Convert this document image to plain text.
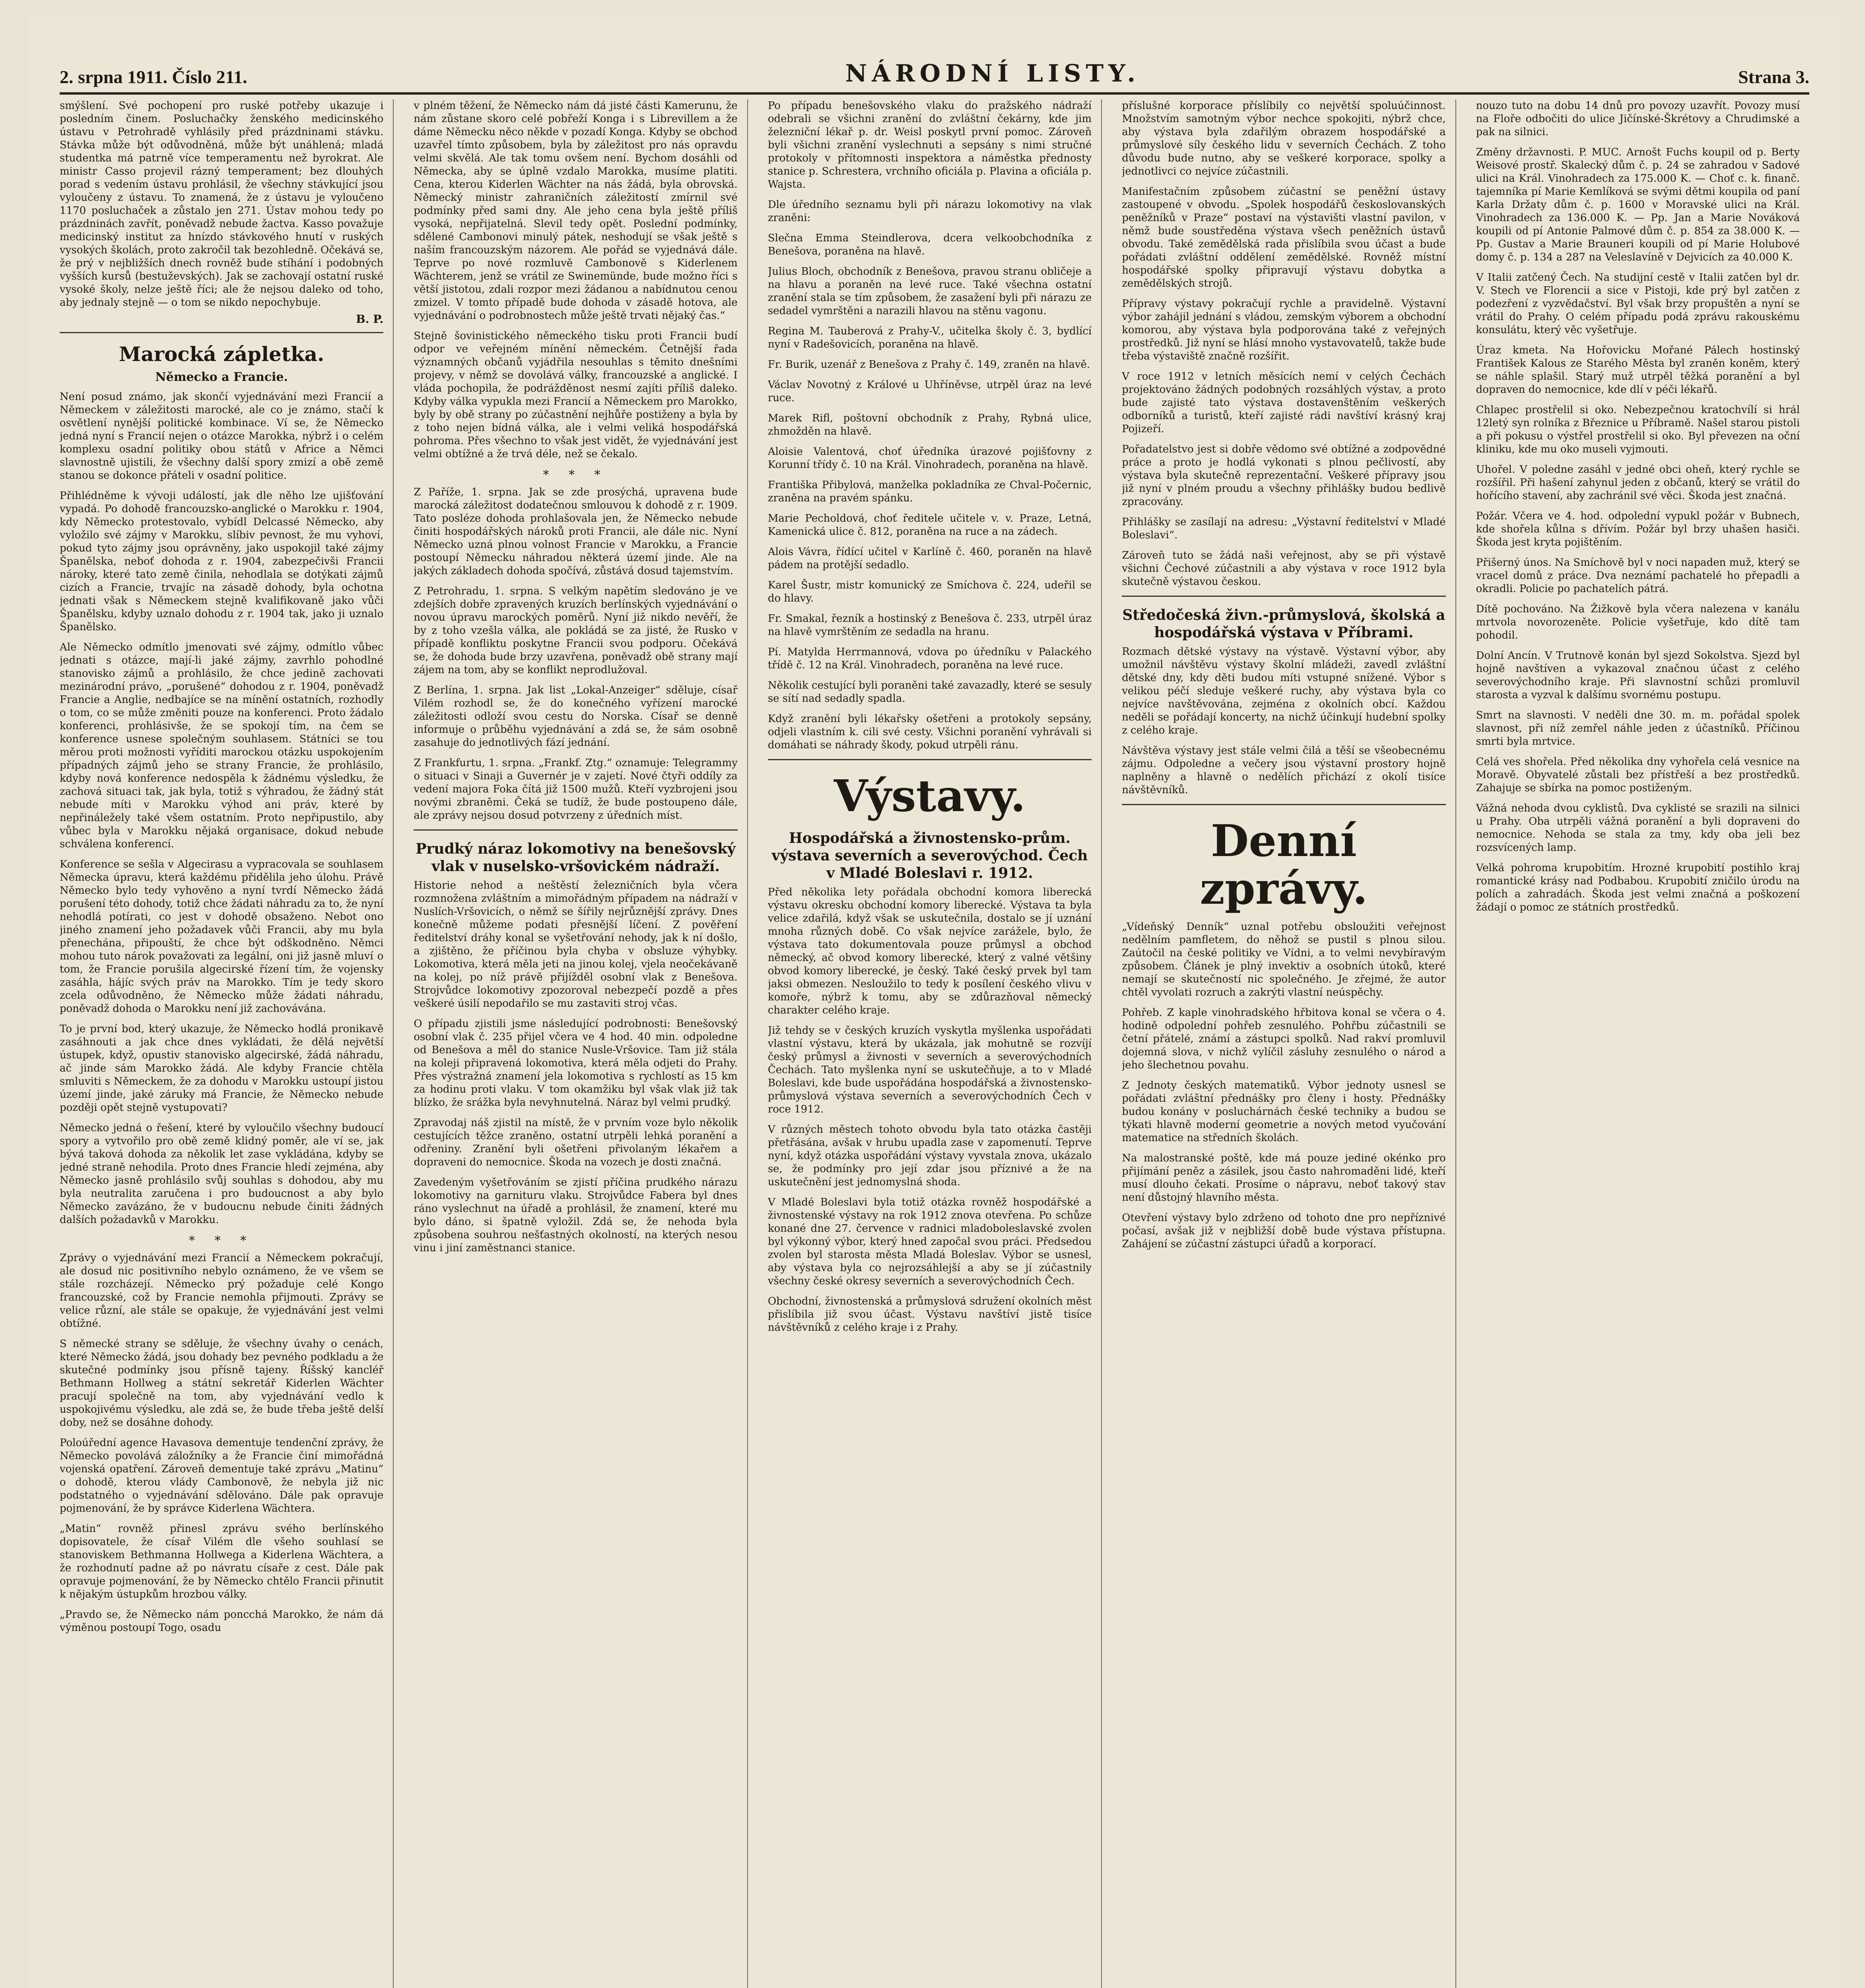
2. srpna 1911. Číslo 211.	NÁRODNÍ LISTY.	Strana 3.

smýšlení. Své pochopení pro ruské potřeby ukazuje i posledním činem. Posluchačky ženského medicinského ústavu v Petrohradě vyhlásily před prázdninami stávku. Stávka může být odůvodněná, může být unáhlená; mladá studentka má patrně více temperamentu než byrokrat. Ale ministr Casso projevil rázný temperament; bez dlouhých porad s vedením ústavu prohlásil, že všechny stávkující jsou vyloučeny z ústavu. To znamená, že z ústavu je vyloučeno 1170 posluchaček a zůstalo jen 271. Ústav mohou tedy po prázdninách zavřít, poněvadž nebude žactva. Kasso považuje medicinský institut za hnízdo stávkového hnutí v ruských vysokých školách, proto zakročil tak bezohledně. Očekává se, že prý v nejbližších dnech rovněž bude stíhání i podobných vyšších kursů (bestuževských). Jak se zachovají ostatní ruské vysoké školy, nelze ještě říci; ale že nejsou daleko od toho, aby jednaly stejně — o tom se nikdo nepochybuje.

B. P.
Marocká zápletka.
Německo a Francie.

Není posud známo, jak skončí vyjednávání mezi Francií a Německem v záležitosti marocké, ale co je známo, stačí k osvětlení nynější politické kombinace. Ví se, že Německo jedná nyní s Francií nejen o otázce Marokka, nýbrž i o celém komplexu osadní politiky obou států v Africe a Němci slavnostně ujistili, že všechny další spory zmizí a obě země stanou se dokonce přáteli v osadní politice.

Přihlédněme k vývoji událostí, jak dle něho lze ujišťování vypadá. Po dohodě francouzsko-anglické o Marokku r. 1904, kdy Německo protestovalo, vybídl Delcassé Německo, aby vyložilo své zájmy v Marokku, slíbiv pevnost, že mu vyhoví, pokud tyto zájmy jsou oprávněny, jako uspokojil také zájmy Španělska, neboť dohoda z r. 1904, zabezpečivši Francii nároky, které tato země činila, nehodlala se dotýkati zájmů cizích a Francie, trvajíc na zásadě dohody, byla ochotna jednati však s Německem stejně kvalifikovaně jako vůči Španělsku, kdyby uznalo dohodu z r. 1904 tak, jako ji uznalo Španělsko.

Ale Německo odmítlo jmenovati své zájmy, odmítlo vůbec jednati s otázce, mají-li jaké zájmy, zavrhlo pohodlné stanovisko zájmů a prohlásilo, že chce jedině zachovati mezinárodní právo, „porušené“ dohodou z r. 1904, poněvadž Francie a Anglie, nedbajíce se na mínění ostatních, rozhodly o tom, co se může změniti pouze na konferenci. Proto žádalo konferenci, prohlásivše, že se spokojí tím, na čem se konference usnese společným souhlasem. Státníci se tou měrou proti možnosti vyříditi marockou otázku uspokojením případných zájmů jeho se strany Francie, že prohlásilo, kdyby nová konference nedospěla k žádnému výsledku, že zachová situaci tak, jak byla, totiž s výhradou, že žádný stát nebude míti v Marokku výhod ani práv, které by nepřináležely také všem ostatním. Proto nepřipustilo, aby vůbec byla v Marokku nějaká organisace, dokud nebude schválena konferencí.

Konference se sešla v Algecirasu a vypracovala se souhlasem Německa úpravu, která každému přidělila jeho úlohu. Právě Německo bylo tedy vyhověno a nyní tvrdí Německo žádá porušení této dohody, totiž chce žádati náhradu za to, že nyní nehodlá potírati, co jest v dohodě obsaženo. Nebot ono jiného znamení jeho požadavek vůči Francii, aby mu byla přenechána, připouští, že chce být odškodněno. Němci mohou tuto nárok považovati za legální, oni již jasně mluví o tom, že Francie porušila algecirské řízení tím, že vojensky zasáhla, hájíc svých práv na Marokko. Tím je tedy skoro zcela odůvodněno, že Německo může žádati náhradu, poněvadž dohoda o Marokku není již zachovávána.

To je první bod, který ukazuje, že Německo hodlá pronikavě zasáhnouti a jak chce dnes vykládati, že dělá největší ústupek, když, opustiv stanovisko algecirské, žádá náhradu, ač jinde sám Marokko žádá. Ale kdyby Francie chtěla smluviti s Německem, že za dohodu v Marokku ustoupí jistou území jinde, jaké záruky má Francie, že Německo nebude později opět stejně vystupovati?

Německo jedná o řešení, které by vyloučilo všechny budoucí spory a vytvořilo pro obě země klidný poměr, ale ví se, jak bývá taková dohoda za několik let zase vykládána, kdyby se jedné straně nehodila. Proto dnes Francie hledí zejména, aby Německo jasně prohlásilo svůj souhlas s dohodou, aby mu byla neutralita zaručena i pro budoucnost a aby bylo Německo zavázáno, že v budoucnu nebude činiti žádných dalších požadavků v Marokku.

* * *

Zprávy o vyjednávání mezi Francií a Německem pokračují, ale dosud nic positivního nebylo oznámeno, že ve všem se stále rozcházejí. Německo prý požaduje celé Kongo francouzské, což by Francie nemohla přijmouti. Zprávy se velice různí, ale stále se opakuje, že vyjednávání jest velmi obtížné.

S německé strany se sděluje, že všechny úvahy o cenách, které Německo žádá, jsou dohady bez pevného podkladu a že skutečné podmínky jsou přísně tajeny. Říšský kancléř Bethmann Hollweg a státní sekretář Kiderlen Wächter pracují společně na tom, aby vyjednávání vedlo k uspokojivému výsledku, ale zdá se, že bude třeba ještě delší doby, než se dosáhne dohody.

Poloúřední agence Havasova dementuje tendenční zprávy, že Německo povolává záložníky a že Francie činí mimořádná vojenská opatření. Zároveň dementuje také zprávu „Matinu“ o dohodě, kterou vlády Cambonově, že nebyla již nic podstatného o vyjednávání sdělováno. Dále pak opravuje pojmenování, že by správce Kiderlena Wächtera.

„Matin“ rovněž přinesl zprávu svého berlínského dopisovatele, že císař Vilém dle všeho souhlasí se stanoviskem Bethmanna Hollwega a Kiderlena Wächtera, a že rozhodnutí padne až po návratu císaře z cest. Dále pak opravuje pojmenování, že by Německo chtělo Francii přinutit k nějakým ústupkům hrozbou války.

„Pravdo se, že Německo nám poncchá Marokko, že nám dá výměnou postoupí Togo, osadu

v plném těžení, že Německo nám dá jisté části Kamerunu, že nám zůstane skoro celé pobřeží Konga i s Librevillem a že dáme Německu něco někde v pozadí Konga. Kdyby se obchod uzavřel tímto způsobem, byla by záležitost pro nás opravdu velmi skvělá. Ale tak tomu ovšem není. Bychom dosáhli od Německa, aby se úplně vzdalo Marokka, musíme platiti. Cena, kterou Kiderlen Wächter na nás žádá, byla obrovská. Německý ministr zahraničních záležitostí zmírnil své podmínky před sami dny. Ale jeho cena byla ještě příliš vysoká, nepřijatelná. Slevil tedy opět. Poslední podmínky, sdělené Cambonovi minulý pátek, neshodují se však ještě s naším francouzským názorem. Ale pořád se vyjednává dále. Teprve po nové rozmluvě Cambonově s Kiderlenem Wächterem, jenž se vrátil ze Swinemünde, bude možno říci s větší jistotou, zdali rozpor mezi žádanou a nabídnutou cenou zmizel. V tomto případě bude dohoda v zásadě hotova, ale vyjednávání o podrobnostech může ještě trvati nějaký čas.“

Stejně šovinistického německého tisku proti Francii budí odpor ve veřejném mínění německém. Četnější řada významných občanů vyjádřila nesouhlas s těmito dnešními projevy, v němž se dovolává války, francouzské a anglické. I vláda pochopila, že podrážděnost nesmí zajíti příliš daleko. Kdyby válka vypukla mezi Francií a Německem pro Marokko, byly by obě strany po zúčastnění nejhůře postiženy a byla by z toho nejen bídná válka, ale i velmi veliká hospodářská pohroma. Přes všechno to však jest vidět, že vyjednávání jest velmi obtížné a že trvá déle, než se čekalo.

* * *

Z Paříže, 1. srpna. Jak se zde prosýchá, upravena bude marocká záležitost dodatečnou smlouvou k dohodě z r. 1909. Tato posléze dohoda prohlašovala jen, že Německo nebude činiti hospodářských nároků proti Francii, ale dále nic. Nyní Německo uzná plnou volnost Francie v Marokku, a Francie postoupí Německu náhradou některá území jinde. Ale na jakých základech dohoda spočívá, zůstává dosud tajemstvím.

Z Petrohradu, 1. srpna. S velkým napětím sledováno je ve zdejších dobře zpravených kruzích berlínských vyjednávání o novou úpravu marockých poměrů. Nyní již nikdo nevěří, že by z toho vzešla válka, ale pokládá se za jisté, že Rusko v případě konfliktu poskytne Francii svou podporu. Očekává se, že dohoda bude brzy uzavřena, poněvadž obě strany mají zájem na tom, aby se konflikt neprodlužoval.

Z Berlína, 1. srpna. Jak list „Lokal-Anzeiger“ sděluje, císař Vilém rozhodl se, že do konečného vyřízení marocké záležitosti odloží svou cestu do Norska. Císař se denně informuje o průběhu vyjednávání a zdá se, že sám osobně zasahuje do jednotlivých fází jednání.

Z Frankfurtu, 1. srpna. „Frankf. Ztg.“ oznamuje: Telegrammy o situaci v Sinaji a Guvernér je v zajetí. Nové čtyři oddíly za vedení majora Foka čítá již 1500 mužů. Kteří vyzbrojeni jsou novými zbraněmi. Čeká se tudíž, že bude postoupeno dále, ale zprávy nejsou dosud potvrzeny z úředních míst.

Prudký náraz lokomotivy na benešovský vlak v nuselsko-vršovickém nádraží.

Historie nehod a neštěstí železničních byla včera rozmnožena zvláštním a mimořádným případem na nádraží v Nuslích-Vršovicích, o němž se šířily nejrůznější zprávy. Dnes konečně můžeme podati přesnější líčení. Z pověření ředitelství dráhy konal se vyšetřování nehody, jak k ní došlo, a zjištěno, že příčinou byla chyba v obsluze výhybky. Lokomotiva, která měla jeti na jinou kolej, vjela neočekávaně na kolej, po níž právě přijížděl osobní vlak z Benešova. Strojvůdce lokomotivy zpozoroval nebezpečí pozdě a přes veškeré úsilí nepodařilo se mu zastaviti stroj včas.

O případu zjistili jsme následující podrobnosti: Benešovský osobní vlak č. 235 přijel včera ve 4 hod. 40 min. odpoledne od Benešova a měl do stanice Nusle-Vršovice. Tam již stála na koleji připravená lokomotiva, která měla odjeti do Prahy. Přes výstražná znamení jela lokomotiva s rychlostí as 15 km za hodinu proti vlaku. V tom okamžiku byl však vlak již tak blízko, že srážka byla nevyhnutelná. Náraz byl velmi prudký.

Zpravodaj náš zjistil na místě, že v prvním voze bylo několik cestujících těžce zraněno, ostatní utrpěli lehká poranění a odřeniny. Zranění byli ošetřeni přivolaným lékařem a dopraveni do nemocnice. Škoda na vozech je dosti značná.

Zavedeným vyšetřováním se zjistí příčina prudkého nárazu lokomotivy na garnituru vlaku. Strojvůdce Fabera byl dnes ráno vyslechnut na úřadě a prohlásil, že znamení, které mu bylo dáno, si špatně vyložil. Zdá se, že nehoda byla způsobena souhrou nešťastných okolností, na kterých nesou vinu i jiní zaměstnanci stanice.

Po případu benešovského vlaku do pražského nádraží odebrali se všichni zranění do zvláštní čekárny, kde jim železniční lékař p. dr. Weisl poskytl první pomoc. Zároveň byli všichni zranění vyslechnuti a sepsány s nimi stručné protokoly v přítomnosti inspektora a náměstka přednosty stanice p. Schrestera, vrchního oficiála p. Plavina a oficiála p. Wajsta.

Dle úředního seznamu byli při nárazu lokomotivy na vlak zraněni:

Slečna Emma Steindlerova, dcera velkoobchodníka z Benešova, poraněna na hlavě.

Julius Bloch, obchodník z Benešova, pravou stranu obličeje a na hlavu a poraněn na levé ruce. Také všechna ostatní zranění stala se tím způsobem, že zasažení byli při nárazu ze sedadel vymrštěni a narazili hlavou na stěnu vagonu.

Regina M. Tauberová z Prahy-V., učitelka školy č. 3, bydlící nyní v Radešovicích, poraněna na hlavě.

Fr. Burik, uzenář z Benešova z Prahy č. 149, zraněn na hlavě.

Václav Novotný z Králové u Uhříněvse, utrpěl úraz na levé ruce.

Marek Rifl, poštovní obchodník z Prahy, Rybná ulice, zhmožděn na hlavě.

Aloisie Valentová, choť úředníka úrazové pojišťovny z Korunní třídy č. 10 na Král. Vinohradech, poraněna na hlavě.

Františka Přibylová, manželka pokladníka ze Chval-Počernic, zraněna na pravém spánku.

Marie Pecholdová, choť ředitele učitele v. v. Praze, Letná, Kamenická ulice č. 812, poraněna na ruce a na zádech.

Alois Vávra, řídící učitel v Karlíně č. 460, poraněn na hlavě pádem na protější sedadlo.

Karel Šustr, mistr komunický ze Smíchova č. 224, udeřil se do hlavy.

Fr. Smakal, řezník a hostinský z Benešova č. 233, utrpěl úraz na hlavě vymrštěním ze sedadla na hranu.

Pí. Matylda Herrmannová, vdova po úředníku v Palackého třídě č. 12 na Král. Vinohradech, poraněna na levé ruce.

Několik cestující byli poraněni také zavazadly, které se sesuly se sítí nad sedadly spadla.

Když zranění byli lékařsky ošetřeni a protokoly sepsány, odjeli vlastním k. cili své cesty. Všichni poranění vyhrávali si domáhati se náhrady škody, pokud utrpěli ránu.

Výstavy.
Hospodářská a živnostensko-prům. výstava severních a severovýchod. Čech v Mladé Boleslavi r. 1912.

Před několika lety pořádala obchodní komora liberecká výstavu okresku obchodní komory liberecké. Výstava ta byla velice zdařilá, když však se uskutečnila, dostalo se jí uznání mnoha různých době. Co však nejvíce zarážele, bylo, že výstava tato dokumentovala pouze průmysl a obchod německý, ač obvod komory liberecké, který z valné většiny obvod komory liberecké, je český. Také český prvek byl tam jaksi obmezen. Nesloužilo to tedy k posílení českého vlivu v komoře, nýbrž k tomu, aby se zdůrazňoval německý charakter celého kraje.

Již tehdy se v českých kruzích vyskytla myšlenka uspořádati vlastní výstavu, která by ukázala, jak mohutně se rozvíjí český průmysl a živnosti v severních a severovýchodních Čechách. Tato myšlenka nyní se uskutečňuje, a to v Mladé Boleslavi, kde bude uspořádána hospodářská a živnostensko-průmyslová výstava severních a severovýchodních Čech v roce 1912.

V různých městech tohoto obvodu byla tato otázka častěji přetřásána, avšak v hrubu upadla zase v zapomenutí. Teprve nyní, když otázka uspořádání výstavy vyvstala znova, ukázalo se, že podmínky pro její zdar jsou příznivé a že na uskutečnění jest jednomyslná shoda.

V Mladé Boleslavi byla totiž otázka rovněž hospodářské a živnostenské výstavy na rok 1912 znova otevřena. Po schůze konané dne 27. července v radnici mladoboleslavské zvolen byl výkonný výbor, který hned započal svou práci. Předsedou zvolen byl starosta města Mladá Boleslav. Výbor se usnesl, aby výstava byla co nejrozsáhlejší a aby se jí zúčastnily všechny české okresy severních a severovýchodních Čech.

Obchodní, živnostenská a průmyslová sdružení okolních měst přislíbila již svou účast. Výstavu navštíví jistě tisíce návštěvníků z celého kraje i z Prahy.

příslušné korporace příslíbily co největší spoluúčinnost. Množstvím samotným výbor nechce spokojiti, nýbrž chce, aby výstava byla zdařilým obrazem hospodářské a průmyslové síly českého lidu v severních Čechách. Z toho důvodu bude nutno, aby se veškeré korporace, spolky a jednotlivci co nejvíce zúčastnili.

Manifestačním způsobem zúčastní se peněžní ústavy zastoupené v obvodu. „Spolek hospodářů českoslovanských peněžníků v Praze“ postaví na výstavišti vlastní pavilon, v němž bude soustředěna výstava všech peněžních ústavů obvodu. Také zemědělská rada přislíbila svou účast a bude pořádati zvláštní oddělení zemědělské. Rovněž místní hospodářské spolky připravují výstavu dobytka a zemědělských strojů.

Přípravy výstavy pokračují rychle a pravidelně. Výstavní výbor zahájil jednání s vládou, zemským výborem a obchodní komorou, aby výstava byla podporována také z veřejných prostředků. Již nyní se hlásí mnoho vystavovatelů, takže bude třeba výstaviště značně rozšířit.

V roce 1912 v letních měsících nemí v celých Čechách projektováno žádných podobných rozsáhlých výstav, a proto bude zajisté tato výstava dostavenštěním veškerých odborníků a turistů, kteří zajisté rádi navštíví krásný kraj Pojizeří.

Pořadatelstvo jest si dobře vědomo své obtížné a zodpovědné práce a proto je hodlá vykonati s plnou pečlivostí, aby výstava byla skutečně reprezentační. Veškeré přípravy jsou již nyní v plném proudu a všechny přihlášky budou bedlivě zpracovány.

Přihlášky se zasílají na adresu: „Výstavní ředitelství v Mladé Boleslavi“.

Zároveň tuto se žádá naši veřejnost, aby se při výstavě všichni Čechové zúčastnili a aby výstava v roce 1912 byla skutečně výstavou českou.

Středočeská živn.-průmyslová, školská a hospodářská výstava v Příbrami.

Rozmach dětské výstavy na výstavě. Výstavní výbor, aby umožnil návštěvu výstavy školní mládeži, zavedl zvláštní dětské dny, kdy děti budou míti vstupné snížené. Výbor s velikou péčí sleduje veškeré ruchy, aby výstava byla co nejvíce navštěvována, zejména z okolních obcí. Každou neděli se pořádají koncerty, na nichž účinkují hudební spolky z celého kraje.

Návštěva výstavy jest stále velmi čilá a těší se všeobecnému zájmu. Odpoledne a večery jsou výstavní prostory hojně naplněny a hlavně o nedělích přichází z okolí tisíce návštěvníků.

Denní zprávy.

„Vídeňský Denník“ uznal potřebu obsloužiti veřejnost nedělním pamfletem, do něhož se pustil s plnou silou. Zaútočil na české politiky ve Vídni, a to velmi nevybíravým způsobem. Článek je plný invektiv a osobních útoků, které nemají se skutečností nic společného. Je zřejmé, že autor chtěl vyvolati rozruch a zakrýti vlastní neúspěchy.

Pohřeb. Z kaple vinohradského hřbitova konal se včera o 4. hodině odpolední pohřeb zesnulého. Pohřbu zúčastnili se četní přátelé, známí a zástupci spolků. Nad rakví promluvil dojemná slova, v nichž vylíčil zásluhy zesnulého o národ a jeho šlechetnou povahu.

Z Jednoty českých matematiků. Výbor jednoty usnesl se pořádati zvláštní přednášky pro členy i hosty. Přednášky budou konány v posluchárnách české techniky a budou se týkati hlavně moderní geometrie a nových metod vyučování matematice na středních školách.

Na malostranské poště, kde má pouze jediné okénko pro přijímání peněz a zásilek, jsou často nahromaděni lidé, kteří musí dlouho čekati. Prosíme o nápravu, neboť takový stav není důstojný hlavního města.

Otevření výstavy bylo zdrženo od tohoto dne pro nepříznivé počasí, avšak již v nejbližší době bude výstava přístupna. Zahájení se zúčastní zástupci úřadů a korporací.

nouzo tuto na dobu 14 dnů pro povozy uzavřít. Povozy musí na Floře odbočiti do ulice Jičínské-Škrétovy a Chrudimské a pak na silnici.

Změny državnosti. P. MUC. Arnošt Fuchs koupil od p. Berty Weisové prostř. Skalecký dům č. p. 24 se zahradou v Sadové ulici na Král. Vinohradech za 175.000 K. — Choť c. k. finanč. tajemníka pí Marie Kemlíková se svými dětmi koupila od paní Karla Držaty dům č. p. 1600 v Moravské ulici na Král. Vinohradech za 136.000 K. — Pp. Jan a Marie Nováková koupili od pí Antonie Palmové dům č. p. 854 za 38.000 K. — Pp. Gustav a Marie Brauneri koupili od pí Marie Holubové domy č. p. 134 a 287 na Veleslavíně v Dejvicích za 40.000 K.

V Italii zatčený Čech. Na studijní cestě v Italii zatčen byl dr. V. Stech ve Florencii a sice v Pistoji, kde prý byl zatčen z podezření z vyzvědačství. Byl však brzy propuštěn a nyní se vrátil do Prahy. O celém případu podá zprávu rakouskému konsulátu, který věc vyšetřuje.

Úraz kmeta. Na Hořovicku Mořané Pálech hostinský František Kalous ze Starého Města byl zraněn koněm, který se náhle splašil. Starý muž utrpěl těžká poranění a byl dopraven do nemocnice, kde dlí v péči lékařů.

Chlapec prostřelil si oko. Nebezpečnou kratochvílí si hrál 12letý syn rolníka z Březnice u Příbramě. Našel starou pistoli a při pokusu o výstřel prostřelil si oko. Byl převezen na oční kliniku, kde mu oko museli vyjmouti.

Uhořel. V poledne zasáhl v jedné obci oheň, který rychle se rozšířil. Při hašení zahynul jeden z občanů, který se vrátil do hořícího stavení, aby zachránil své věci. Škoda jest značná.

Požár. Včera ve 4. hod. odpolední vypukl požár v Bubnech, kde shořela kůlna s dřívím. Požár byl brzy uhašen hasiči. Škoda jest kryta pojištěním.

Přišerný únos. Na Smíchově byl v noci napaden muž, který se vracel domů z práce. Dva neznámí pachatelé ho přepadli a okradli. Policie po pachatelích pátrá.

Dítě pochováno. Na Žižkově byla včera nalezena v kanálu mrtvola novorozeněte. Policie vyšetřuje, kdo dítě tam pohodil.

Dolní Ancín. V Trutnově konán byl sjezd Sokolstva. Sjezd byl hojně navštíven a vykazoval značnou účast z celého severovýchodního kraje. Při slavnostní schůzi promluvil starosta a vyzval k dalšímu svornému postupu.

Smrt na slavnosti. V neděli dne 30. m. m. pořádal spolek slavnost, při níž zemřel náhle jeden z účastníků. Příčinou smrti byla mrtvice.

Celá ves shořela. Před několika dny vyhořela celá vesnice na Moravě. Obyvatelé zůstali bez přístřeší a bez prostředků. Zahajuje se sbírka na pomoc postiženým.

Vážná nehoda dvou cyklistů. Dva cyklisté se srazili na silnici u Prahy. Oba utrpěli vážná poranění a byli dopraveni do nemocnice. Nehoda se stala za tmy, kdy oba jeli bez rozsvícených lamp.

Velká pohroma krupobitím. Hrozné krupobití postihlo kraj romantické krásy nad Podbabou. Krupobití zničilo úrodu na polích a zahradách. Škoda jest velmi značná a poškození žádají o pomoc ze státních prostředků.
